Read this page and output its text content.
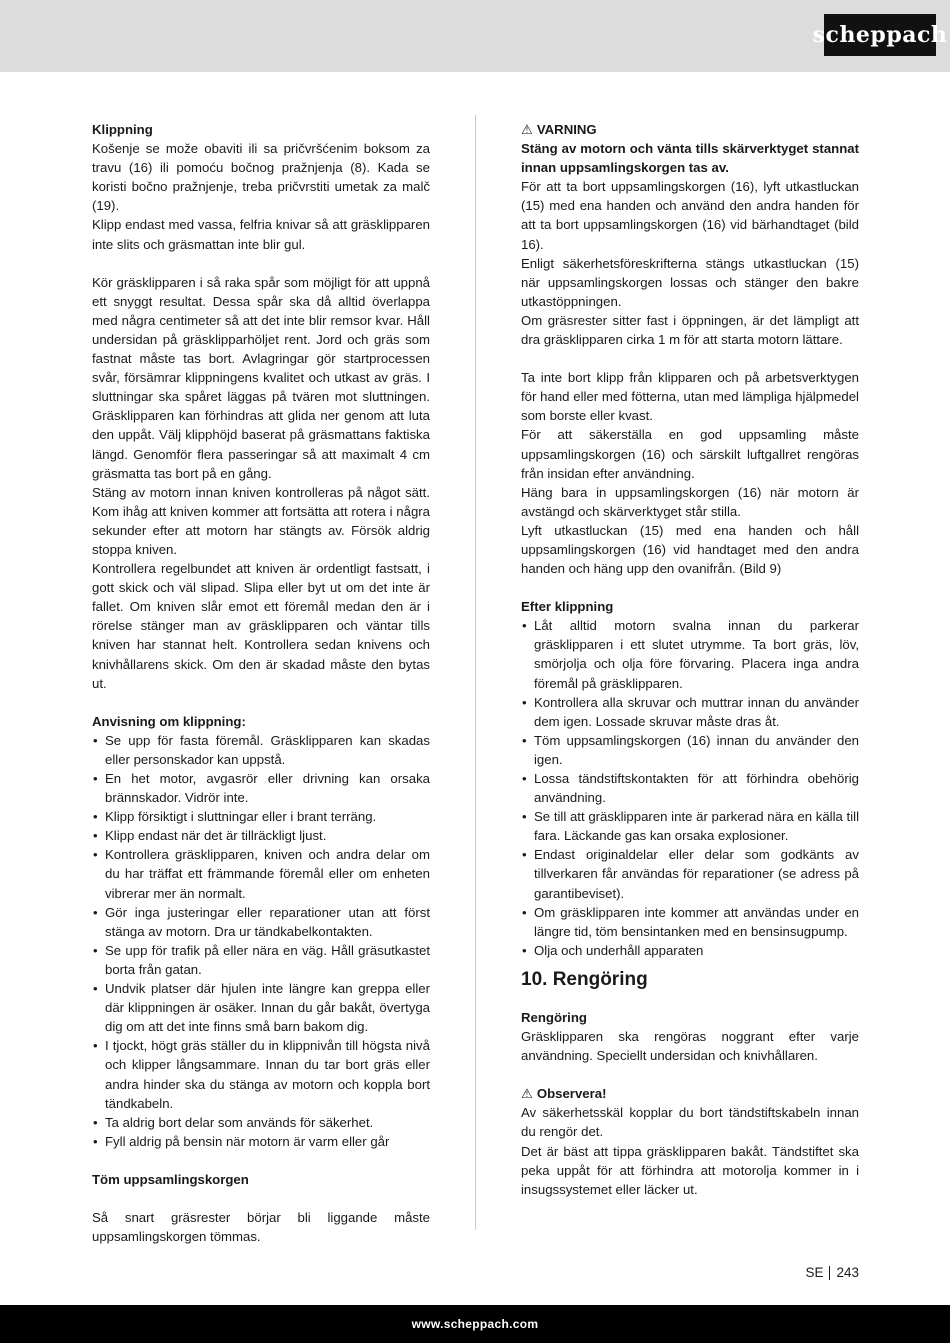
scheppach

Klippning

Košenje se može obaviti ili sa pričvršćenim boksom za travu (16) ili pomoću bočnog pražnjenja (8). Kada se koristi bočno pražnjenje, treba pričvrstiti umetak za malč (19).

Klipp endast med vassa, felfria knivar så att gräsklipparen inte slits och gräsmattan inte blir gul.

Kör gräsklipparen i så raka spår som möjligt för att uppnå ett snyggt resultat. Dessa spår ska då alltid överlappa med några centimeter så att det inte blir remsor kvar. Håll undersidan på gräsklipparhöljet rent. Jord och gräs som fastnat måste tas bort. Avlagringar gör startprocessen svår, försämrar klippningens kvalitet och utkast av gräs. I sluttningar ska spåret läggas på tvären mot sluttningen. Gräsklipparen kan förhindras att glida ner genom att luta den uppåt. Välj klipphöjd baserat på gräsmattans faktiska längd. Genomför flera passeringar så att maximalt 4 cm gräsmatta tas bort på en gång.

Stäng av motorn innan kniven kontrolleras på något sätt. Kom ihåg att kniven kommer att fortsätta att rotera i några sekunder efter att motorn har stängts av. Försök aldrig stoppa kniven.

Kontrollera regelbundet att kniven är ordentligt fastsatt, i gott skick och väl slipad. Slipa eller byt ut om det inte är fallet. Om kniven slår emot ett föremål medan den är i rörelse stänger man av gräsklipparen och väntar tills kniven har stannat helt. Kontrollera sedan knivens och knivhållarens skick. Om den är skadad måste den bytas ut.

Anvisning om klippning:

• Se upp för fasta föremål. Gräsklipparen kan skadas eller personskador kan uppstå.
• En het motor, avgasrör eller drivning kan orsaka brännskador. Vidrör inte.
• Klipp försiktigt i sluttningar eller i brant terräng.
• Klipp endast när det är tillräckligt ljust.
• Kontrollera gräsklipparen, kniven och andra delar om du har träffat ett främmande föremål eller om enheten vibrerar mer än normalt.
• Gör inga justeringar eller reparationer utan att först stänga av motorn. Dra ur tändkabelkontakten.
• Se upp för trafik på eller nära en väg. Håll gräsutkastet borta från gatan.
• Undvik platser där hjulen inte längre kan greppa eller där klippningen är osäker. Innan du går bakåt, övertyga dig om att det inte finns små barn bakom dig.
• I tjockt, högt gräs ställer du in klippnivån till högsta nivå och klipper långsammare. Innan du tar bort gräs eller andra hinder ska du stänga av motorn och koppla bort tändkabeln.
• Ta aldrig bort delar som används för säkerhet.
• Fyll aldrig på bensin när motorn är varm eller går

Töm uppsamlingskorgen

Så snart gräsrester börjar bli liggande måste uppsamlingskorgen tömmas.

⚠ VARNING

Stäng av motorn och vänta tills skärverktyget stannat innan uppsamlingskorgen tas av.

För att ta bort uppsamlingskorgen (16), lyft utkastluckan (15) med ena handen och använd den andra handen för att ta bort uppsamlingskorgen (16) vid bärhandtaget (bild 16).

Enligt säkerhetsföreskrifterna stängs utkastluckan (15) när uppsamlingskorgen lossas och stänger den bakre utkastöppningen.

Om gräsrester sitter fast i öppningen, är det lämpligt att dra gräsklipparen cirka 1 m för att starta motorn lättare.

Ta inte bort klipp från klipparen och på arbetsverktygen för hand eller med fötterna, utan med lämpliga hjälpmedel som borste eller kvast.

För att säkerställa en god uppsamling måste uppsamlingskorgen (16) och särskilt luftgallret rengöras från insidan efter användning.

Häng bara in uppsamlingskorgen (16) när motorn är avstängd och skärverktyget står stilla.

Lyft utkastluckan (15) med ena handen och håll uppsamlingskorgen (16) vid handtaget med den andra handen och häng upp den ovanifrån. (Bild 9)

Efter klippning

• Låt alltid motorn svalna innan du parkerar gräsklipparen i ett slutet utrymme. Ta bort gräs, löv, smörjolja och olja före förvaring. Placera inga andra föremål på gräsklipparen.
• Kontrollera alla skruvar och muttrar innan du använder dem igen. Lossade skruvar måste dras åt.
• Töm uppsamlingskorgen (16) innan du använder den igen.
• Lossa tändstiftskontakten för att förhindra obehörig användning.
• Se till att gräsklipparen inte är parkerad nära en källa till fara. Läckande gas kan orsaka explosioner.
• Endast originaldelar eller delar som godkänts av tillverkaren får användas för reparationer (se adress på garantibeviset).
• Om gräsklipparen inte kommer att användas under en längre tid, töm bensintanken med en bensinsugpump.
• Olja och underhåll apparaten
10. Rengöring

Rengöring

Gräsklipparen ska rengöras noggrant efter varje användning. Speciellt undersidan och knivhållaren.

⚠ Observera!

Av säkerhetsskäl kopplar du bort tändstiftskabeln innan du rengör det.

Det är bäst att tippa gräsklipparen bakåt. Tändstiftet ska peka uppåt för att förhindra att motorolja kommer in i insugssystemet eller läcker ut.

SE 243
www.scheppach.com
